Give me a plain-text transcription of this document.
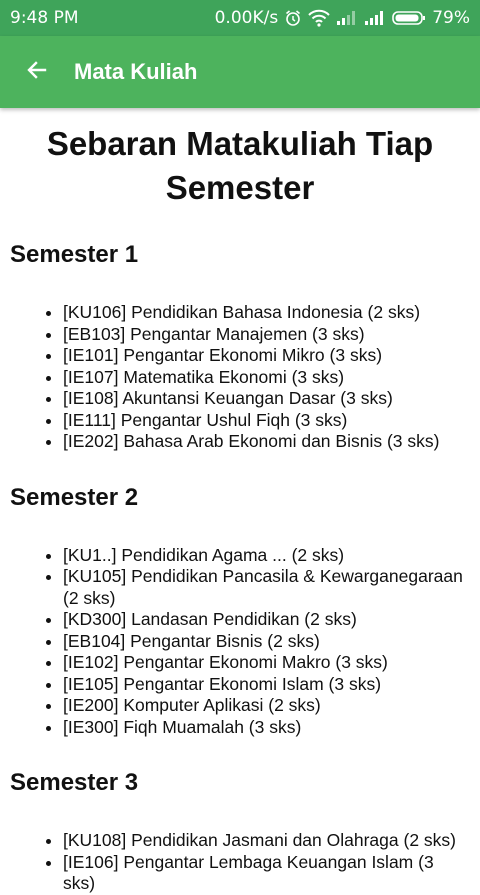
9:48 PM	0.00K/s	79%
Mata Kuliah
Sebaran Matakuliah Tiap Semester
Semester 1
• [KU106] Pendidikan Bahasa Indonesia (2 sks)
• [EB103] Pengantar Manajemen (3 sks)
• [IE101] Pengantar Ekonomi Mikro (3 sks)
• [IE107] Matematika Ekonomi (3 sks)
• [IE108] Akuntansi Keuangan Dasar (3 sks)
• [IE111] Pengantar Ushul Fiqh (3 sks)
• [IE202] Bahasa Arab Ekonomi dan Bisnis (3 sks)
Semester 2
• [KU1..] Pendidikan Agama ... (2 sks)
• [KU105] Pendidikan Pancasila & Kewarganegaraan (2 sks)
• [KD300] Landasan Pendidikan (2 sks)
• [EB104] Pengantar Bisnis (2 sks)
• [IE102] Pengantar Ekonomi Makro (3 sks)
• [IE105] Pengantar Ekonomi Islam (3 sks)
• [IE200] Komputer Aplikasi (2 sks)
• [IE300] Fiqh Muamalah (3 sks)
Semester 3
• [KU108] Pendidikan Jasmani dan Olahraga (2 sks)
• [IE106] Pengantar Lembaga Keuangan Islam (3 sks)
